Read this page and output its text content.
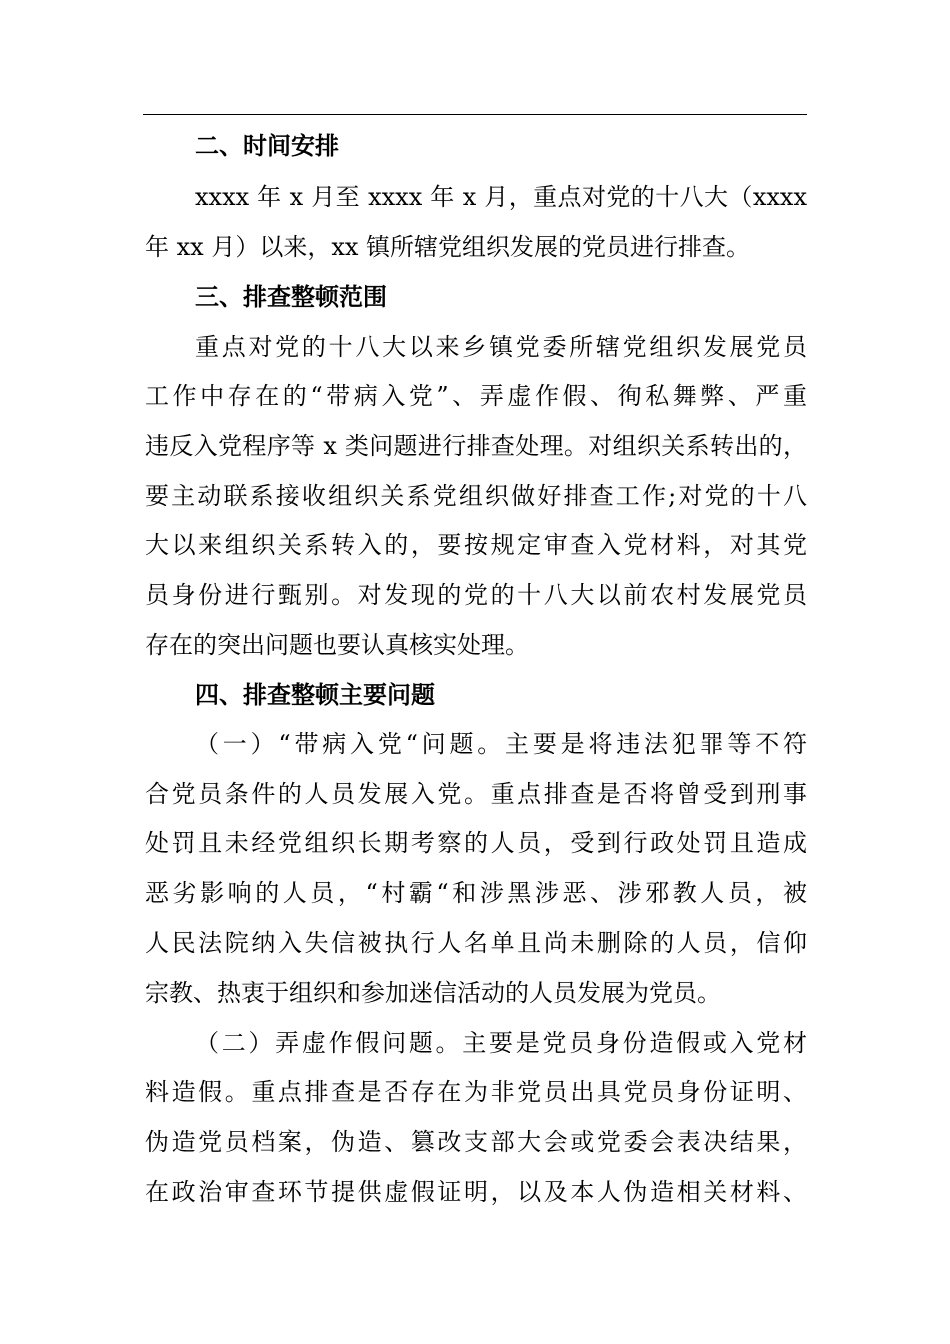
二、时间安排
xxxx 年 x 月至 xxxx 年 x 月，重点对党的十八大（xxxx
年 xx 月）以来，xx 镇所辖党组织发展的党员进行排查。
三、排查整顿范围
重点对党的十八大以来乡镇党委所辖党组织发展党员
工作中存在的“带病入党”、弄虚作假、徇私舞弊、严重
违反入党程序等 x 类问题进行排查处理。对组织关系转出的，
要主动联系接收组织关系党组织做好排查工作;对党的十八
大以来组织关系转入的，要按规定审查入党材料，对其党
员身份进行甄别。对发现的党的十八大以前农村发展党员
存在的突出问题也要认真核实处理。
四、排查整顿主要问题
（一）“带病入党“问题。主要是将违法犯罪等不符
合党员条件的人员发展入党。重点排查是否将曾受到刑事
处罚且未经党组织长期考察的人员，受到行政处罚且造成
恶劣影响的人员，“村霸“和涉黑涉恶、涉邪教人员，被
人民法院纳入失信被执行人名单且尚未删除的人员，信仰
宗教、热衷于组织和参加迷信活动的人员发展为党员。
（二）弄虚作假问题。主要是党员身份造假或入党材
料造假。重点排查是否存在为非党员出具党员身份证明、
伪造党员档案，伪造、篡改支部大会或党委会表决结果，
在政治审查环节提供虚假证明，以及本人伪造相关材料、
